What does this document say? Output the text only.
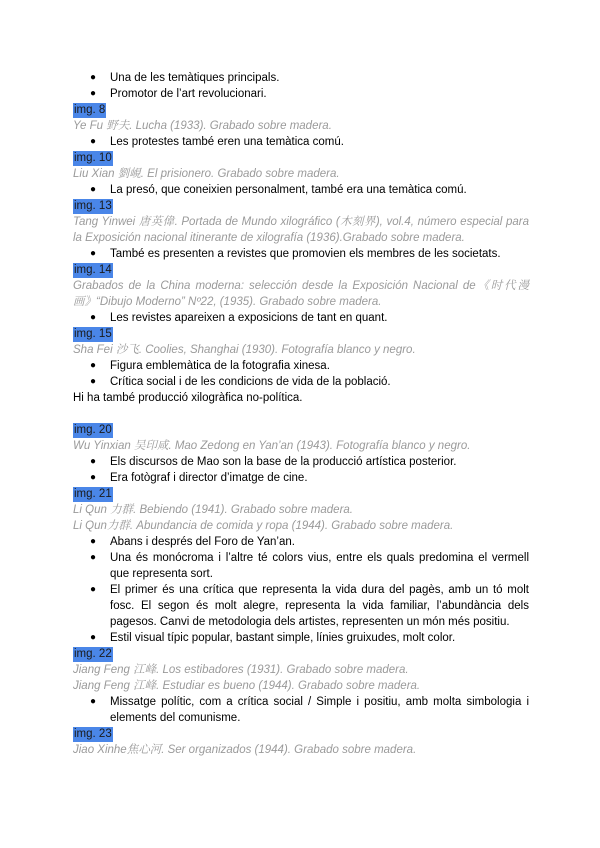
● Una de les temàtiques principals.
● Promotor de l’art revolucionari.
img. 8
Ye Fu 野夫. Lucha (1933). Grabado sobre madera.
● Les protestes també eren una temàtica comú.
img. 10
Liu Xian 劉峴. El prisionero. Grabado sobre madera.
● La presó, que coneixien personalment, també era una temàtica comú.
img. 13
Tang Yinwei 唐英偉. Portada de Mundo xilográfico (木刻界), vol.4, número especial para la Exposición nacional itinerante de xilografía (1936).Grabado sobre madera.
● També es presenten a revistes que promovien els membres de les societats.
img. 14
Grabados de la China moderna: selección desde la Exposición Nacional de《时代漫画》“Dibujo Moderno” Nº22, (1935). Grabado sobre madera.
● Les revistes apareixen a exposicions de tant en quant.
img. 15
Sha Fei 沙飞. Coolies, Shanghai (1930). Fotografía blanco y negro.
● Figura emblemàtica de la fotografia xinesa.
● Crítica social i de les condicions de vida de la població.
Hi ha també producció xilogràfica no-política.
img. 20
Wu Yinxian 吴印咸. Mao Zedong en Yan’an (1943). Fotografía blanco y negro.
● Els discursos de Mao son la base de la producció artística posterior.
● Era fotògraf i director d’imatge de cine.
img. 21
Li Qun 力群. Bebiendo (1941). Grabado sobre madera.
Li Qun力群. Abundancia de comida y ropa (1944). Grabado sobre madera.
● Abans i després del Foro de Yan’an.
● Una és monócroma i l’altre té colors vius, entre els quals predomina el vermell que representa sort.
● El primer és una crítica que representa la vida dura del pagès, amb un tó molt fosc. El segon és molt alegre, representa la vida familiar, l’abundància dels pagesos. Canvi de metodologia dels artistes, representen un món més positiu.
● Estil visual típic popular, bastant simple, línies gruixudes, molt color.
img. 22
Jiang Feng 江峰. Los estibadores (1931). Grabado sobre madera.
Jiang Feng 江峰. Estudiar es bueno (1944). Grabado sobre madera.
● Missatge polític, com a crítica social / Simple i positiu, amb molta simbologia i elements del comunisme.
img. 23
Jiao Xinhe焦心河. Ser organizados (1944). Grabado sobre madera.
